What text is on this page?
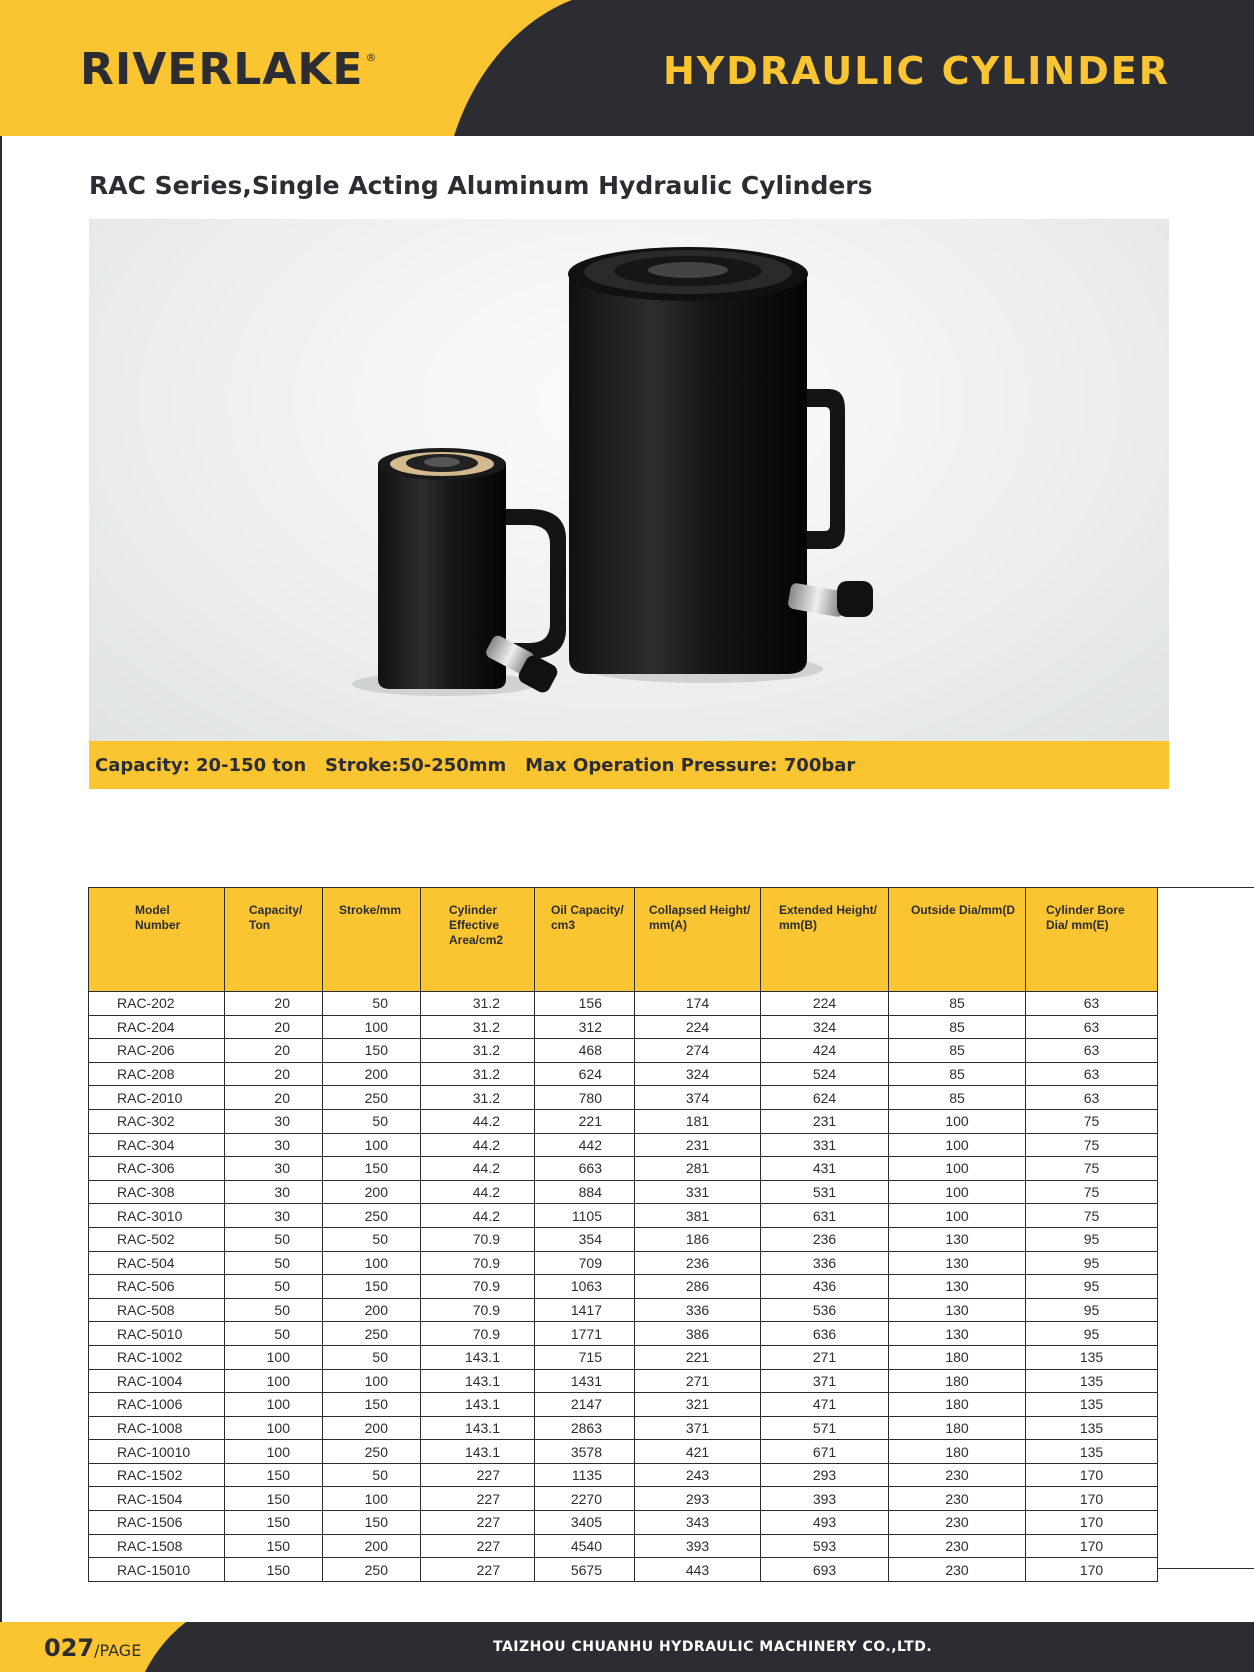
RIVERLAKE ®	HYDRAULIC CYLINDER
RAC Series,Single Acting Aluminum Hydraulic Cylinders
Capacity: 20-150 ton Stroke:50-250mm Max Operation Pressure: 700bar
Model Number	Capacity/ Ton	Stroke/mm	Cylinder Effective Area/cm2	Oil Capacity/ cm3	Collapsed Height/ mm(A)	Extended Height/ mm(B)	Outside Dia/mm(D	Cylinder Bore Dia/ mm(E)
RAC-202	20	50	31.2	156	174	224	85	63
RAC-204	20	100	31.2	312	224	324	85	63
RAC-206	20	150	31.2	468	274	424	85	63
RAC-208	20	200	31.2	624	324	524	85	63
RAC-2010	20	250	31.2	780	374	624	85	63
RAC-302	30	50	44.2	221	181	231	100	75
RAC-304	30	100	44.2	442	231	331	100	75
RAC-306	30	150	44.2	663	281	431	100	75
RAC-308	30	200	44.2	884	331	531	100	75
RAC-3010	30	250	44.2	1105	381	631	100	75
RAC-502	50	50	70.9	354	186	236	130	95
RAC-504	50	100	70.9	709	236	336	130	95
RAC-506	50	150	70.9	1063	286	436	130	95
RAC-508	50	200	70.9	1417	336	536	130	95
RAC-5010	50	250	70.9	1771	386	636	130	95
RAC-1002	100	50	143.1	715	221	271	180	135
RAC-1004	100	100	143.1	1431	271	371	180	135
RAC-1006	100	150	143.1	2147	321	471	180	135
RAC-1008	100	200	143.1	2863	371	571	180	135
RAC-10010	100	250	143.1	3578	421	671	180	135
RAC-1502	150	50	227	1135	243	293	230	170
RAC-1504	150	100	227	2270	293	393	230	170
RAC-1506	150	150	227	3405	343	493	230	170
RAC-1508	150	200	227	4540	393	593	230	170
RAC-15010	150	250	227	5675	443	693	230	170
027/PAGE	TAIZHOU CHUANHU HYDRAULIC MACHINERY CO.,LTD.
